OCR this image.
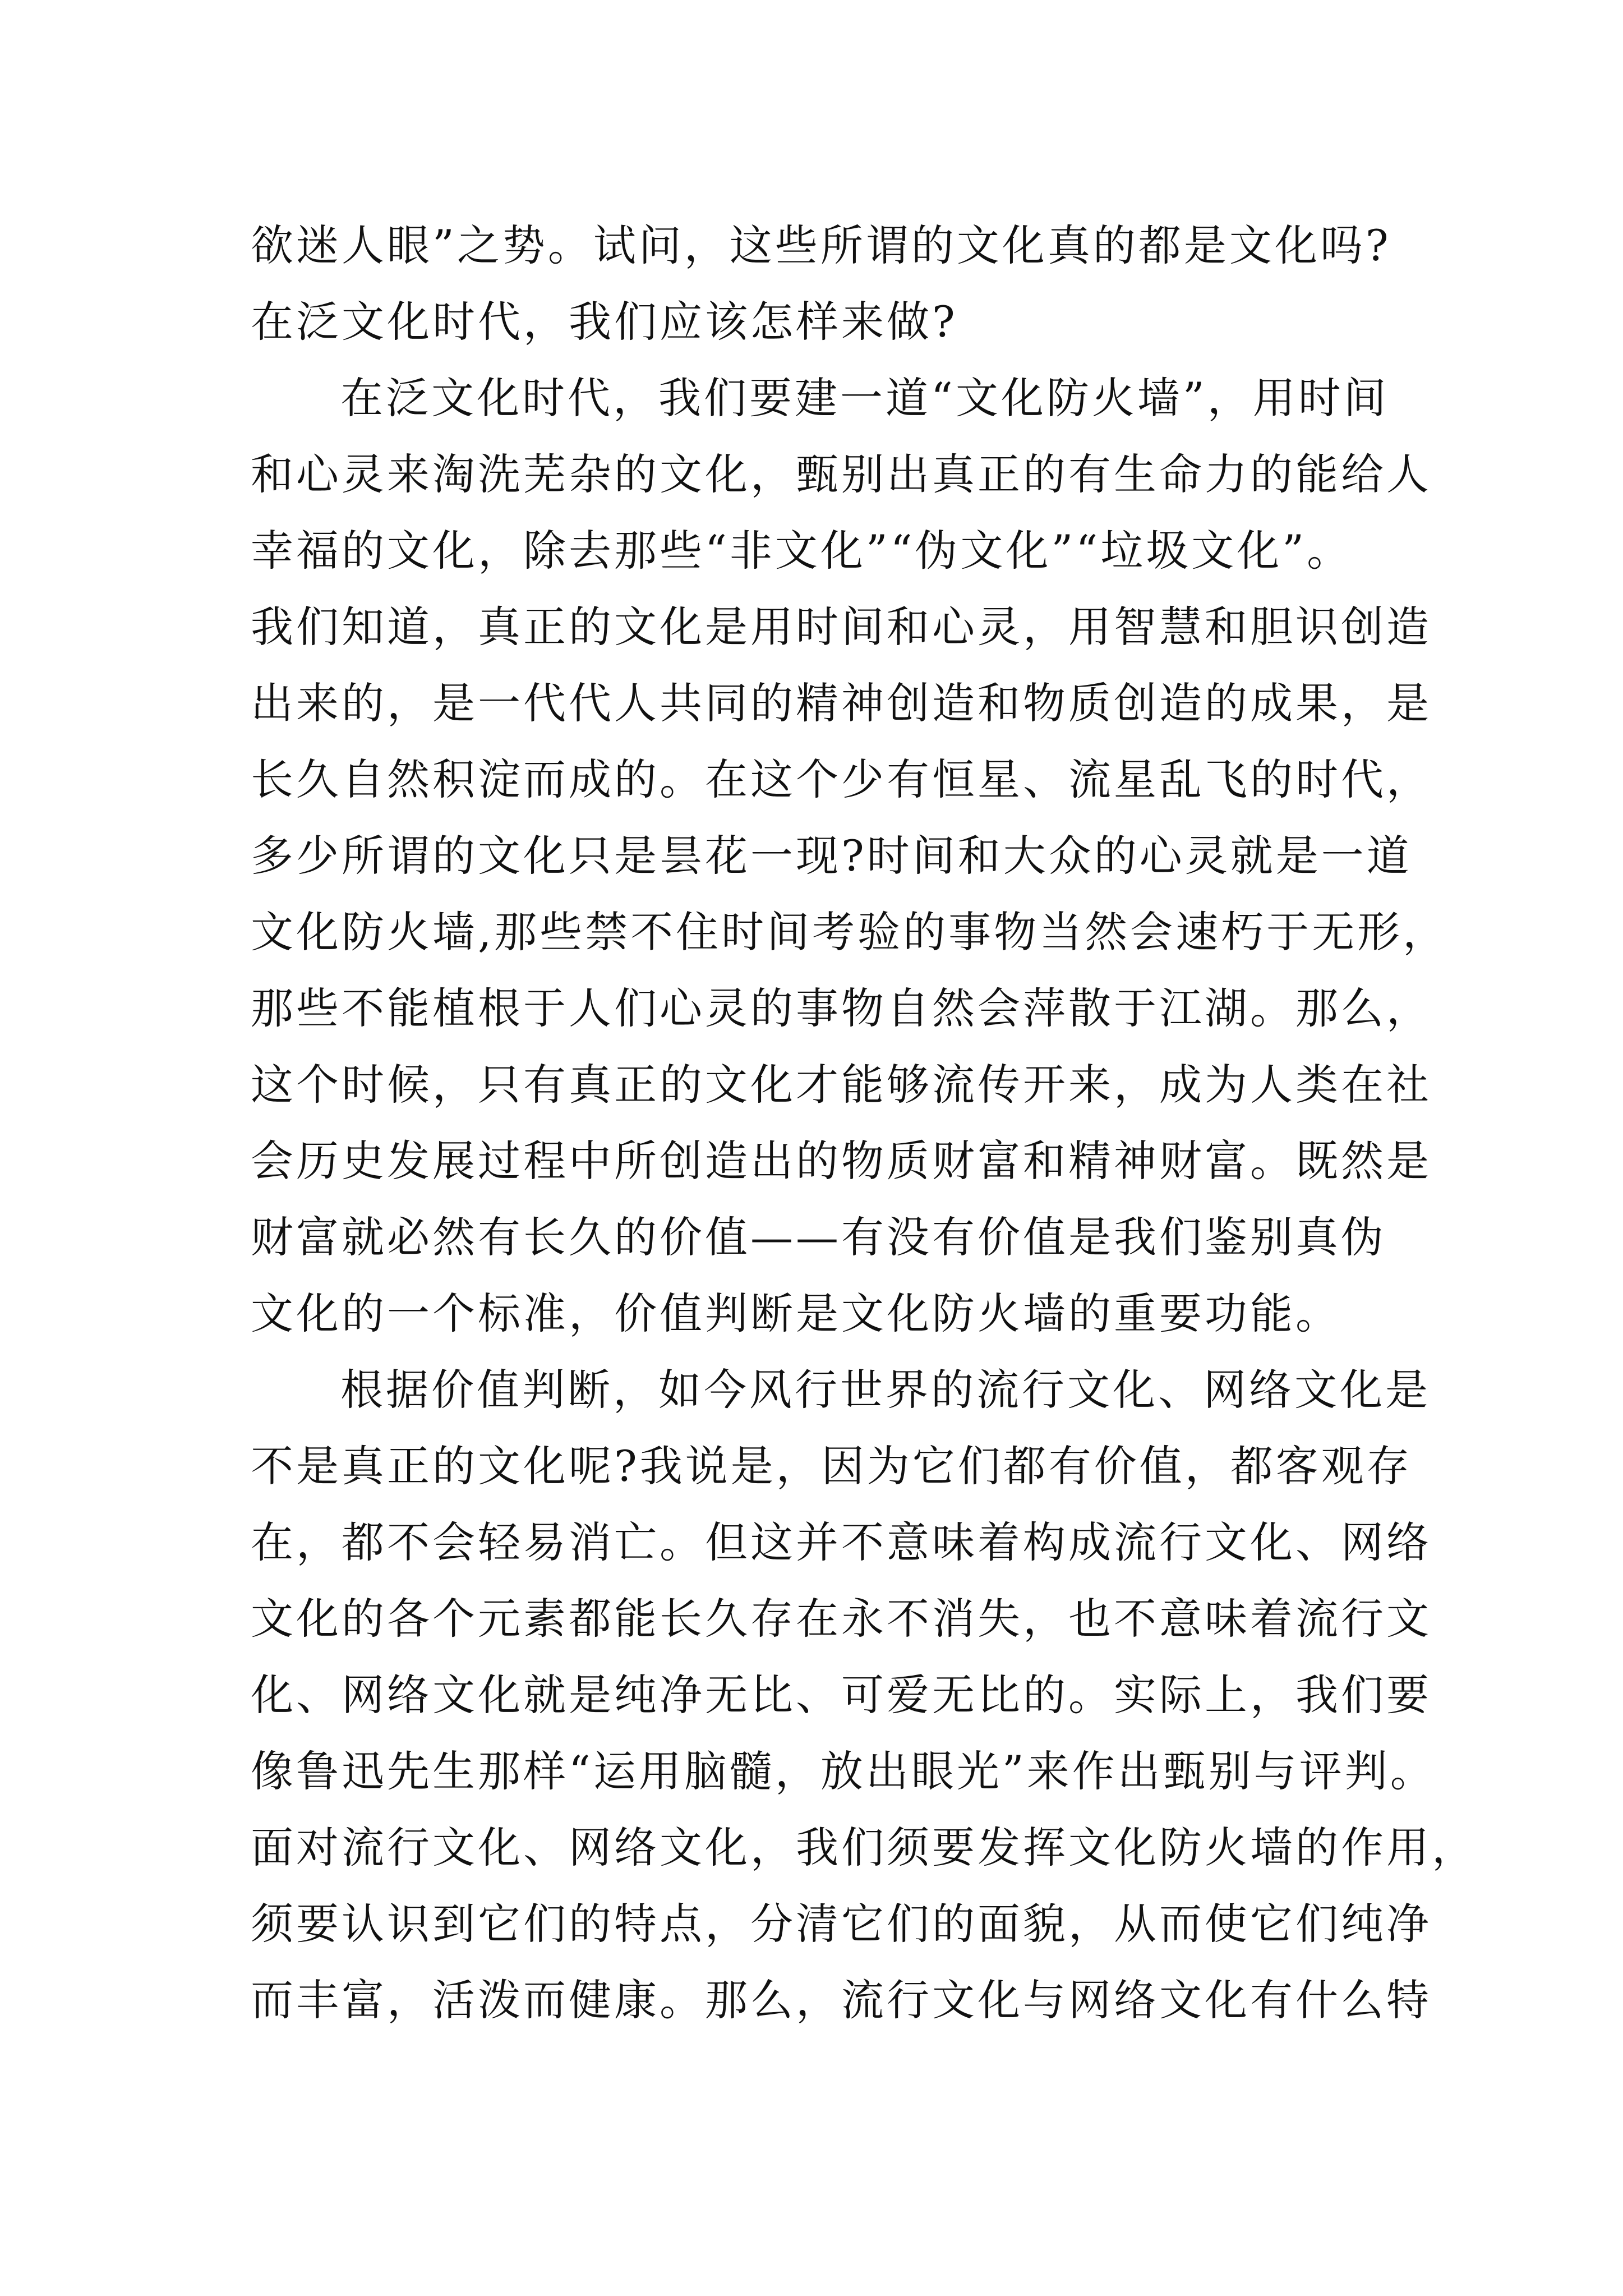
欲迷人眼”之势。试问，这些所谓的文化真的都是文化吗?
在泛文化时代，我们应该怎样来做?
在泛文化时代，我们要建一道“文化防火墙”，用时间
和心灵来淘洗芜杂的文化，甄别出真正的有生命力的能给人
幸福的文化，除去那些“非文化”“伪文化”“垃圾文化”。
我们知道，真正的文化是用时间和心灵，用智慧和胆识创造
出来的，是一代代人共同的精神创造和物质创造的成果，是
长久自然积淀而成的。在这个少有恒星、流星乱飞的时代，
多少所谓的文化只是昙花一现?时间和大众的心灵就是一道
文化防火墙,那些禁不住时间考验的事物当然会速朽于无形，
那些不能植根于人们心灵的事物自然会萍散于江湖。那么，
这个时候，只有真正的文化才能够流传开来，成为人类在社
会历史发展过程中所创造出的物质财富和精神财富。既然是
财富就必然有长久的价值——有没有价值是我们鉴别真伪
文化的一个标准，价值判断是文化防火墙的重要功能。
根据价值判断，如今风行世界的流行文化、网络文化是
不是真正的文化呢?我说是，因为它们都有价值，都客观存
在，都不会轻易消亡。但这并不意味着构成流行文化、网络
文化的各个元素都能长久存在永不消失，也不意味着流行文
化、网络文化就是纯净无比、可爱无比的。实际上，我们要
像鲁迅先生那样“运用脑髓，放出眼光”来作出甄别与评判。
面对流行文化、网络文化，我们须要发挥文化防火墙的作用，
须要认识到它们的特点，分清它们的面貌，从而使它们纯净
而丰富，活泼而健康。那么，流行文化与网络文化有什么特
